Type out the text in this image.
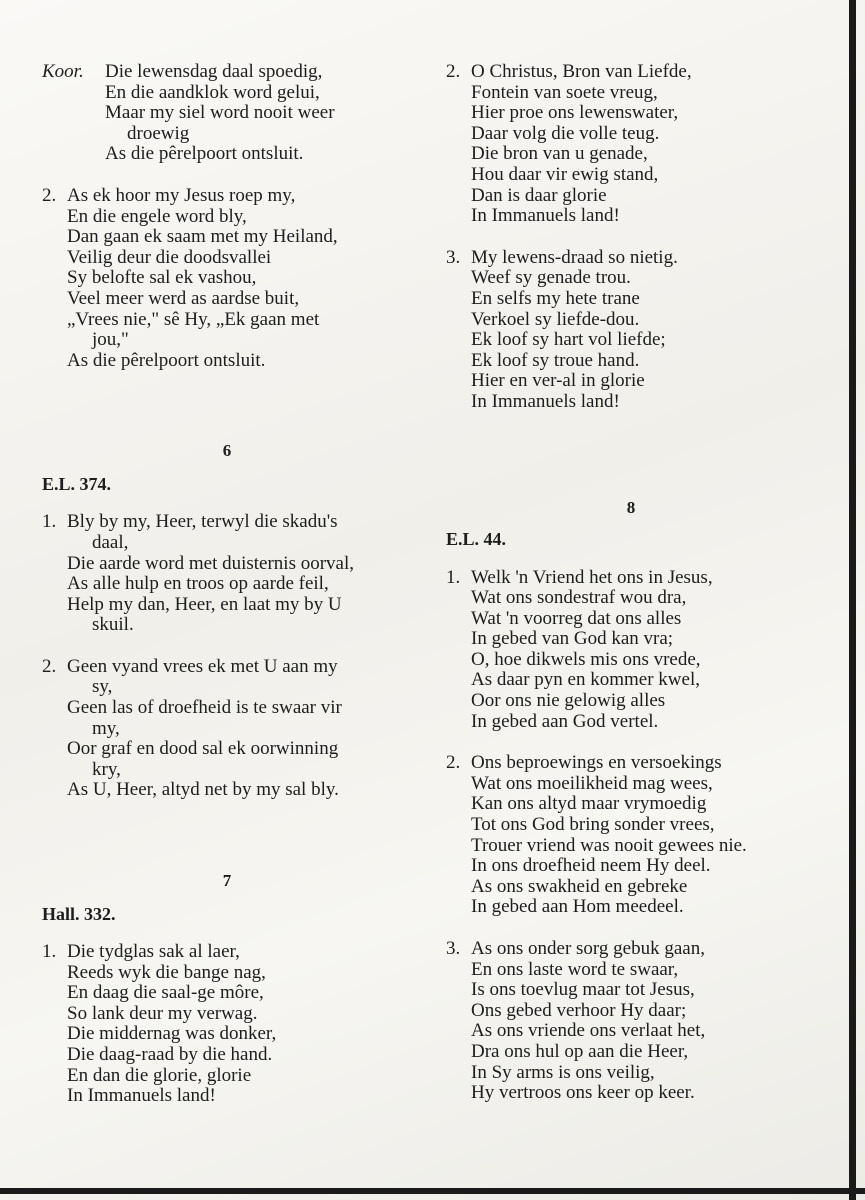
Koor. Die lewensdag daal spoedig,
En die aandklok word gelui,
Maar my siel word nooit weer
droewig
As die pêrelpoort ontsluit.
2. As ek hoor my Jesus roep my,
En die engele word bly,
Dan gaan ek saam met my Heiland,
Veilig deur die doodsvallei
Sy belofte sal ek vashou,
Veel meer werd as aardse buit,
„Vrees nie," sê Hy, „Ek gaan met
jou,"
As die pêrelpoort ontsluit.
6
E.L. 374.
1. Bly by my, Heer, terwyl die skadu's
daal,
Die aarde word met duisternis oorval,
As alle hulp en troos op aarde feil,
Help my dan, Heer, en laat my by U
skuil.
2. Geen vyand vrees ek met U aan my
sy,
Geen las of droefheid is te swaar vir
my,
Oor graf en dood sal ek oorwinning
kry,
As U, Heer, altyd net by my sal bly.
7
Hall. 332.
1. Die tydglas sak al laer,
Reeds wyk die bange nag,
En daag die saal-ge môre,
So lank deur my verwag.
Die middernag was donker,
Die daag-raad by die hand.
En dan die glorie, glorie
In Immanuels land!
2. O Christus, Bron van Liefde,
Fontein van soete vreug,
Hier proe ons lewenswater,
Daar volg die volle teug.
Die bron van u genade,
Hou daar vir ewig stand,
Dan is daar glorie
In Immanuels land!
3. My lewens-draad so nietig.
Weef sy genade trou.
En selfs my hete trane
Verkoel sy liefde-dou.
Ek loof sy hart vol liefde;
Ek loof sy troue hand.
Hier en ver-al in glorie
In Immanuels land!
8
E.L. 44.
1. Welk 'n Vriend het ons in Jesus,
Wat ons sondestraf wou dra,
Wat 'n voorreg dat ons alles
In gebed van God kan vra;
O, hoe dikwels mis ons vrede,
As daar pyn en kommer kwel,
Oor ons nie gelowig alles
In gebed aan God vertel.
2. Ons beproewings en versoekings
Wat ons moeilikheid mag wees,
Kan ons altyd maar vrymoedig
Tot ons God bring sonder vrees,
Trouer vriend was nooit gewees nie.
In ons droefheid neem Hy deel.
As ons swakheid en gebreke
In gebed aan Hom meedeel.
3. As ons onder sorg gebuk gaan,
En ons laste word te swaar,
Is ons toevlug maar tot Jesus,
Ons gebed verhoor Hy daar;
As ons vriende ons verlaat het,
Dra ons hul op aan die Heer,
In Sy arms is ons veilig,
Hy vertroos ons keer op keer.
